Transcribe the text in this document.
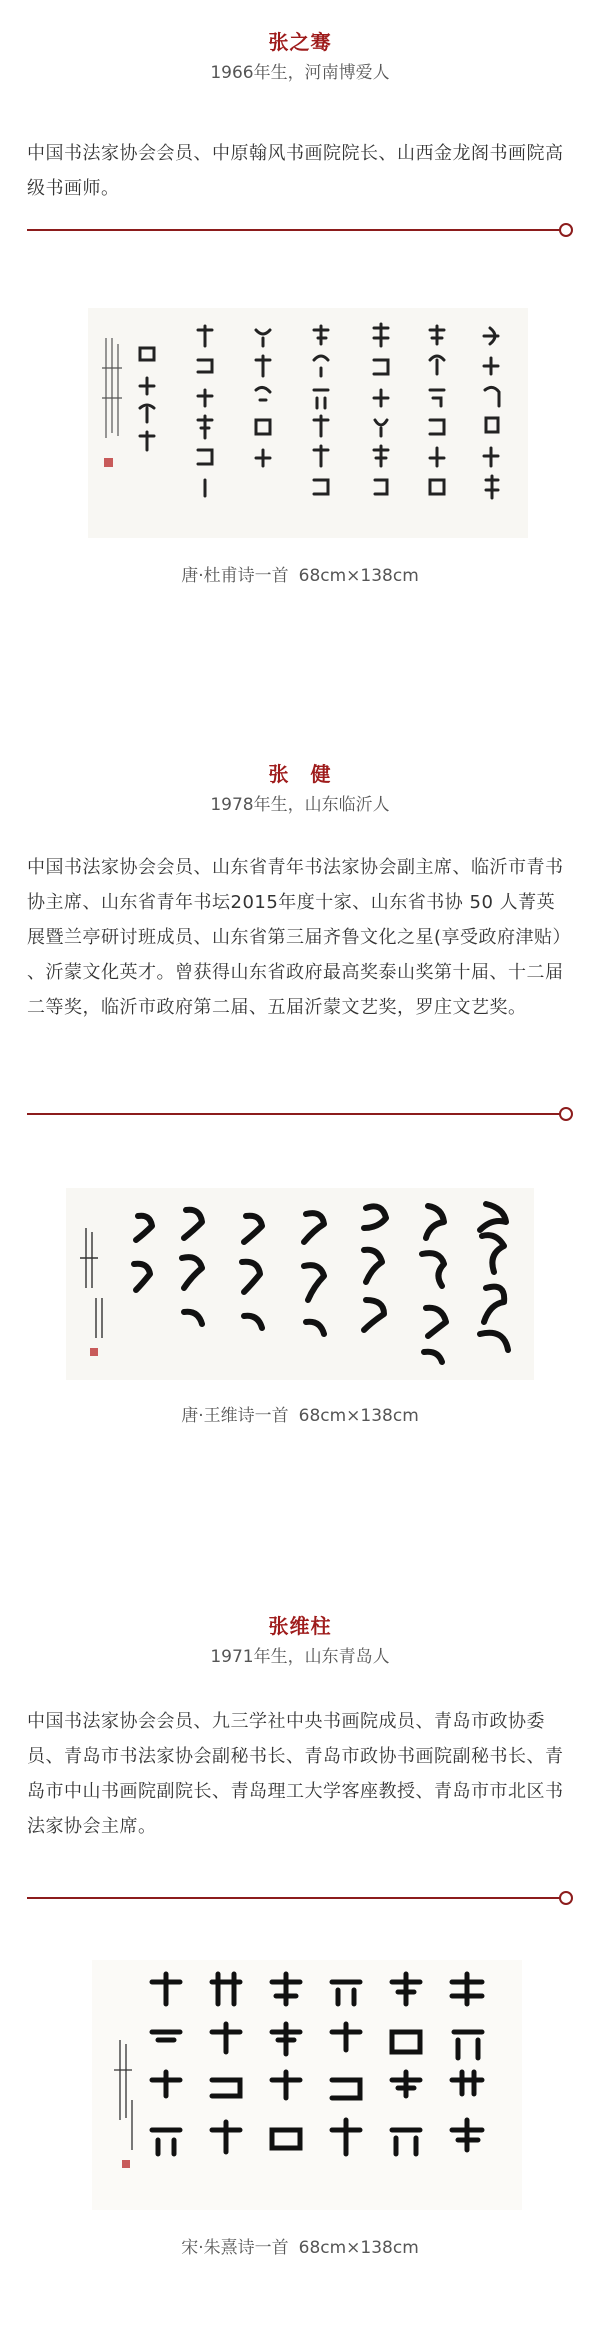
张之骞
1966年生，河南博爱人

中国书法家协会会员、中原翰风书画院院长、山西金龙阁书画院高级书画师。

唐·杜甫诗一首 68cm×138cm
张　健
1978年生，山东临沂人

中国书法家协会会员、山东省青年书法家协会副主席、临沂市青书协主席、山东省青年书坛2015年度十家、山东省书协 50 人菁英展暨兰亭研讨班成员、山东省第三届齐鲁文化之星(享受政府津贴） 、沂蒙文化英才。曾获得山东省政府最高奖泰山奖第十届、十二届二等奖，临沂市政府第二届、五届沂蒙文艺奖，罗庄文艺奖。

唐·王维诗一首 68cm×138cm
张维柱
1971年生，山东青岛人

中国书法家协会会员、九三学社中央书画院成员、青岛市政协委员、青岛市书法家协会副秘书长、青岛市政协书画院副秘书长、青岛市中山书画院副院长、青岛理工大学客座教授、青岛市市北区书法家协会主席。

宋·朱熹诗一首 68cm×138cm
